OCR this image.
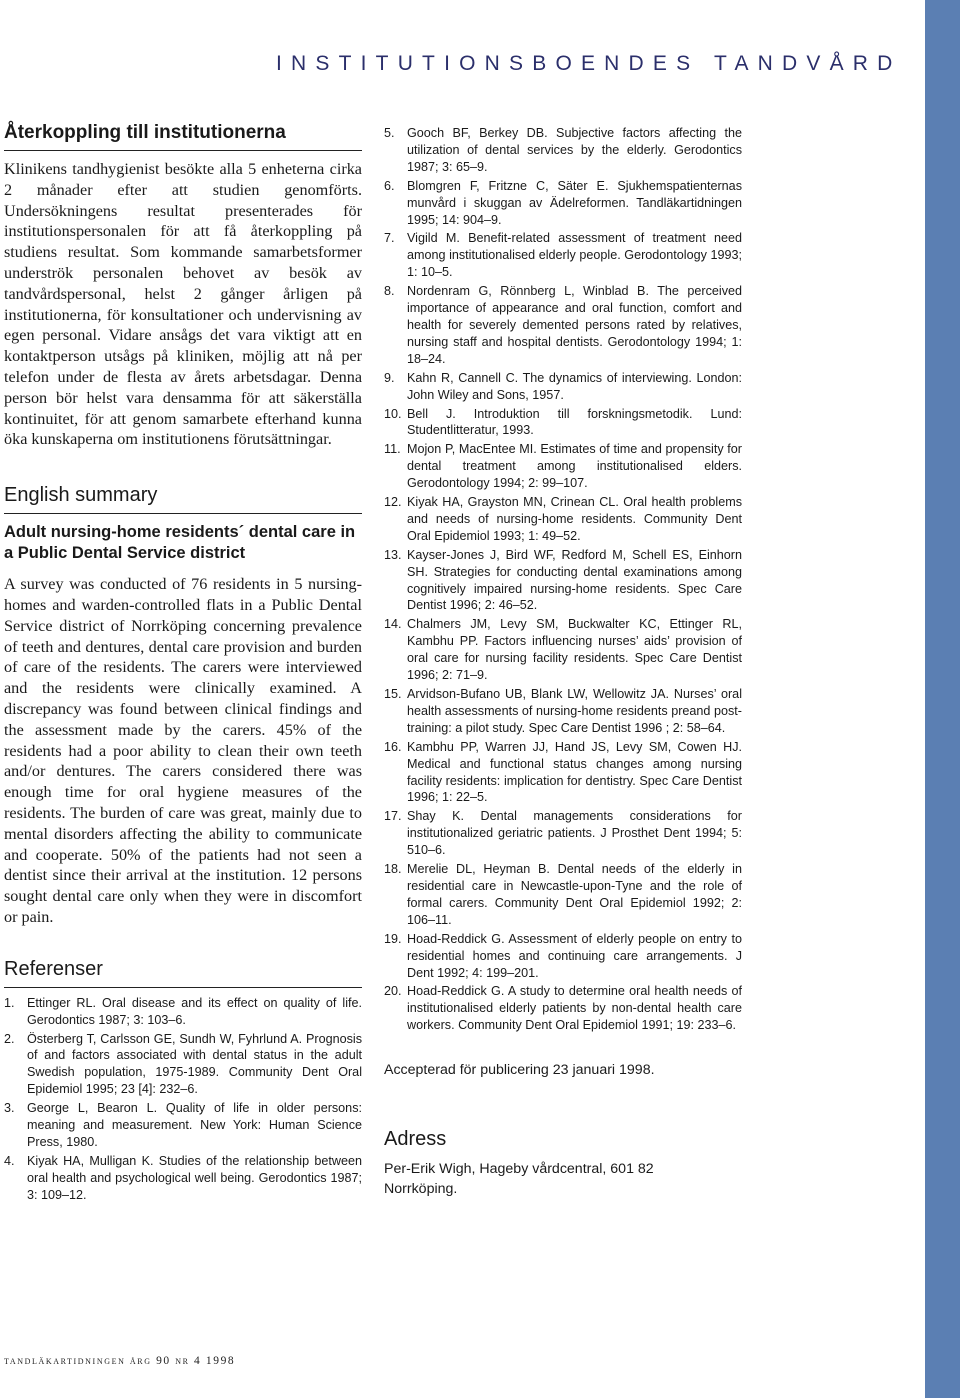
INSTITUTIONSBOENDES TANDVÅRD
Återkoppling till institutionerna

Klinikens tandhygienist besökte alla 5 enheterna cirka 2 månader efter att studien genomförts. Undersökningens resultat presenterades för institutionspersonalen för att få återkoppling på studiens resultat. Som kommande samarbetsformer underströk personalen behovet av besök av tandvårdspersonal, helst 2 gånger årligen på institutionerna, för konsultationer och undervisning av egen personal. Vidare ansågs det vara viktigt att en kontaktperson utsågs på kliniken, möjlig att nå per telefon under de flesta av årets arbetsdagar. Denna person bör helst vara densamma för att säkerställa kontinuitet, för att genom samarbete efterhand kunna öka kunskaperna om institutionens förutsättningar.

English summary
Adult nursing-home residents´ dental care in a Public Dental Service district

A survey was conducted of 76 residents in 5 nursing-homes and warden-controlled flats in a Public Dental Service district of Norrköping concerning prevalence of teeth and dentures, dental care provision and burden of care of the residents. The carers were interviewed and the residents were clinically examined. A discrepancy was found between clinical findings and the assessment made by the carers. 45% of the residents had a poor ability to clean their own teeth and/or dentures. The carers considered there was enough time for oral hygiene measures of the residents. The burden of care was great, mainly due to mental disorders affecting the ability to communicate and cooperate. 50% of the patients had not seen a dentist since their arrival at the institution. 12 persons sought dental care only when they were in discomfort or pain.

Referenser
1. Ettinger RL. Oral disease and its effect on quality of life. Gerodontics 1987; 3: 103–6.
2. Österberg T, Carlsson GE, Sundh W, Fyhrlund A. Prognosis of and factors associated with dental status in the adult Swedish population, 1975-1989. Community Dent Oral Epidemiol 1995; 23 [4]: 232–6.
3. George L, Bearon L. Quality of life in older persons: meaning and measurement. New York: Human Science Press, 1980.
4. Kiyak HA, Mulligan K. Studies of the relationship between oral health and psychological well being. Gerodontics 1987; 3: 109–12.
5. Gooch BF, Berkey DB. Subjective factors affecting the utilization of dental services by the elderly. Gerodontics 1987; 3: 65–9.
6. Blomgren F, Fritzne C, Säter E. Sjukhemspatienternas munvård i skuggan av Ädelreformen. Tandläkartidningen 1995; 14: 904–9.
7. Vigild M. Benefit-related assessment of treatment need among institutionalised elderly people. Gerodontology 1993; 1: 10–5.
8. Nordenram G, Rönnberg L, Winblad B. The perceived importance of appearance and oral function, comfort and health for severely demented persons rated by relatives, nursing staff and hospital dentists. Gerodontology 1994; 1: 18–24.
9. Kahn R, Cannell C. The dynamics of interviewing. London: John Wiley and Sons, 1957.
10. Bell J. Introduktion till forskningsmetodik. Lund: Studentlitteratur, 1993.
11. Mojon P, MacEntee MI. Estimates of time and propensity for dental treatment among institutionalised elders. Gerodontology 1994; 2: 99–107.
12. Kiyak HA, Grayston MN, Crinean CL. Oral health problems and needs of nursing-home residents. Community Dent Oral Epidemiol 1993; 1: 49–52.
13. Kayser-Jones J, Bird WF, Redford M, Schell ES, Einhorn SH. Strategies for conducting dental examinations among cognitively impaired nursing-home residents. Spec Care Dentist 1996; 2: 46–52.
14. Chalmers JM, Levy SM, Buckwalter KC, Ettinger RL, Kambhu PP. Factors influencing nurses’ aids’ provision of oral care for nursing facility residents. Spec Care Dentist 1996; 2: 71–9.
15. Arvidson-Bufano UB, Blank LW, Wellowitz JA. Nurses’ oral health assessments of nursing-home residents preand post-training: a pilot study. Spec Care Dentist 1996 ; 2: 58–64.
16. Kambhu PP, Warren JJ, Hand JS, Levy SM, Cowen HJ. Medical and functional status changes among nursing facility residents: implication for dentistry. Spec Care Dentist 1996; 1: 22–5.
17. Shay K. Dental managements considerations for institutionalized geriatric patients. J Prosthet Dent 1994; 5: 510–6.
18. Merelie DL, Heyman B. Dental needs of the elderly in residential care in Newcastle-upon-Tyne and the role of formal carers. Community Dent Oral Epidemiol 1992; 2: 106–11.
19. Hoad-Reddick G. Assessment of elderly people on entry to residential homes and continuing care arrangements. J Dent 1992; 4: 199–201.
20. Hoad-Reddick G. A study to determine oral health needs of institutionalised elderly patients by non-dental health care workers. Community Dent Oral Epidemiol 1991; 19: 233–6.
Accepterad för publicering 23 januari 1998.
Adress
Per-Erik Wigh, Hageby vårdcentral, 601 82
Norrköping.
tandläkartidningen årg 90 nr 4 1998
